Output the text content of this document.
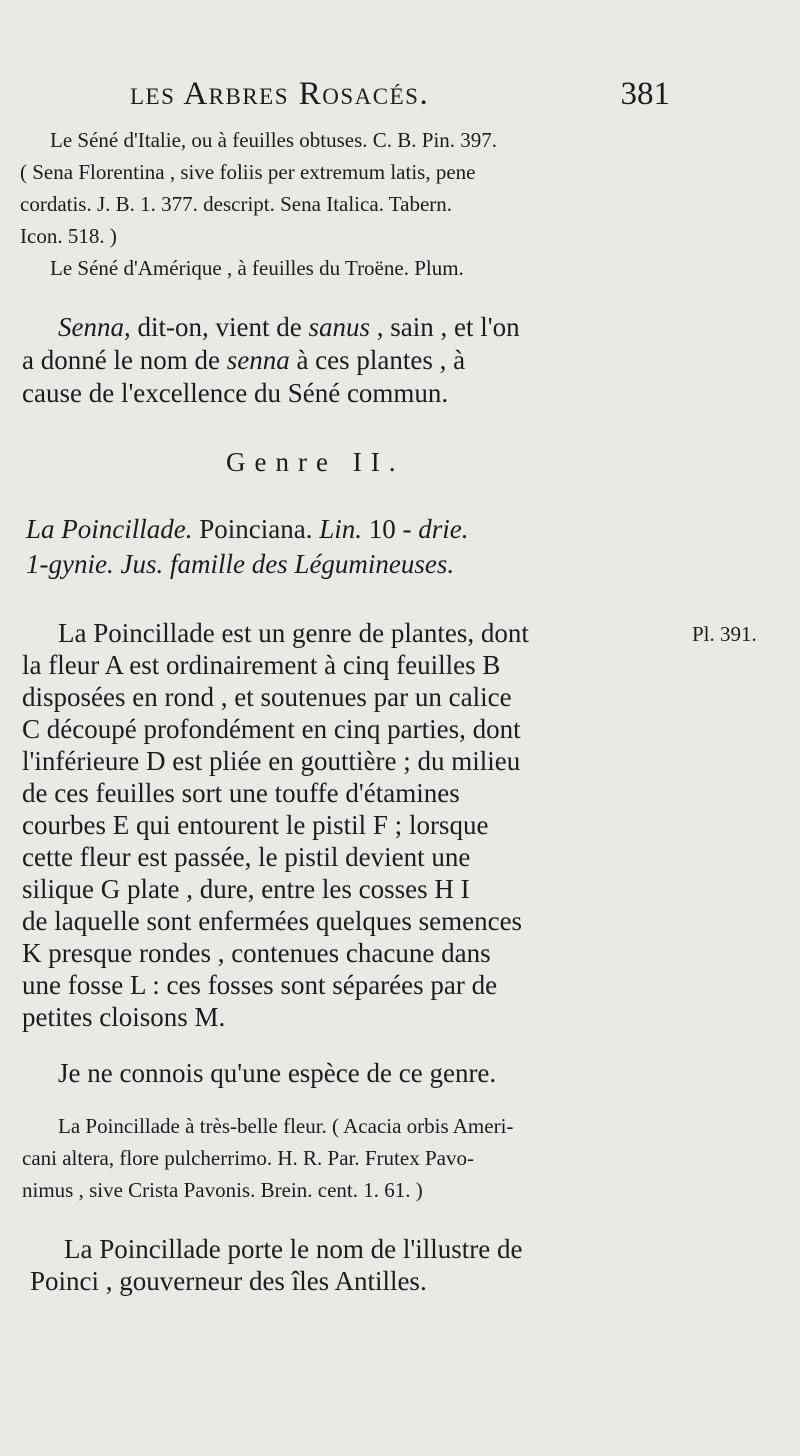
les Arbres Rosacés.	381
Le Séné d'Italie, ou à feuilles obtuses. C. B. Pin. 397.
( Sena Florentina , sive foliis per extremum latis, pene
cordatis. J. B. 1. 377. descript. Sena Italica. Tabern.
Icon. 518. )
Le Séné d'Amérique , à feuilles du Troëne. Plum.
Senna, dit-on, vient de sanus , sain , et l'on
a donné le nom de senna à ces plantes , à
cause de l'excellence du Séné commun.
Genre II.
La Poincillade. Poinciana. Lin. 10 - drie.
1-gynie. Jus. famille des Légumineuses.
La Poincillade est un genre de plantes, dont
la fleur A est ordinairement à cinq feuilles B
disposées en rond , et soutenues par un calice
C découpé profondément en cinq parties, dont
l'inférieure D est pliée en gouttière ; du milieu
de ces feuilles sort une touffe d'étamines
courbes E qui entourent le pistil F ; lorsque
cette fleur est passée, le pistil devient une
silique G plate , dure, entre les cosses H I
de laquelle sont enfermées quelques semences
K presque rondes , contenues chacune dans
une fosse L : ces fosses sont séparées par de
petites cloisons M.
Pl. 391.
Je ne connois qu'une espèce de ce genre.
La Poincillade à très-belle fleur. ( Acacia orbis Ameri-
cani altera, flore pulcherrimo. H. R. Par. Frutex Pavo-
nimus , sive Crista Pavonis. Brein. cent. 1. 61. )
La Poincillade porte le nom de l'illustre de
Poinci , gouverneur des îles Antilles.
